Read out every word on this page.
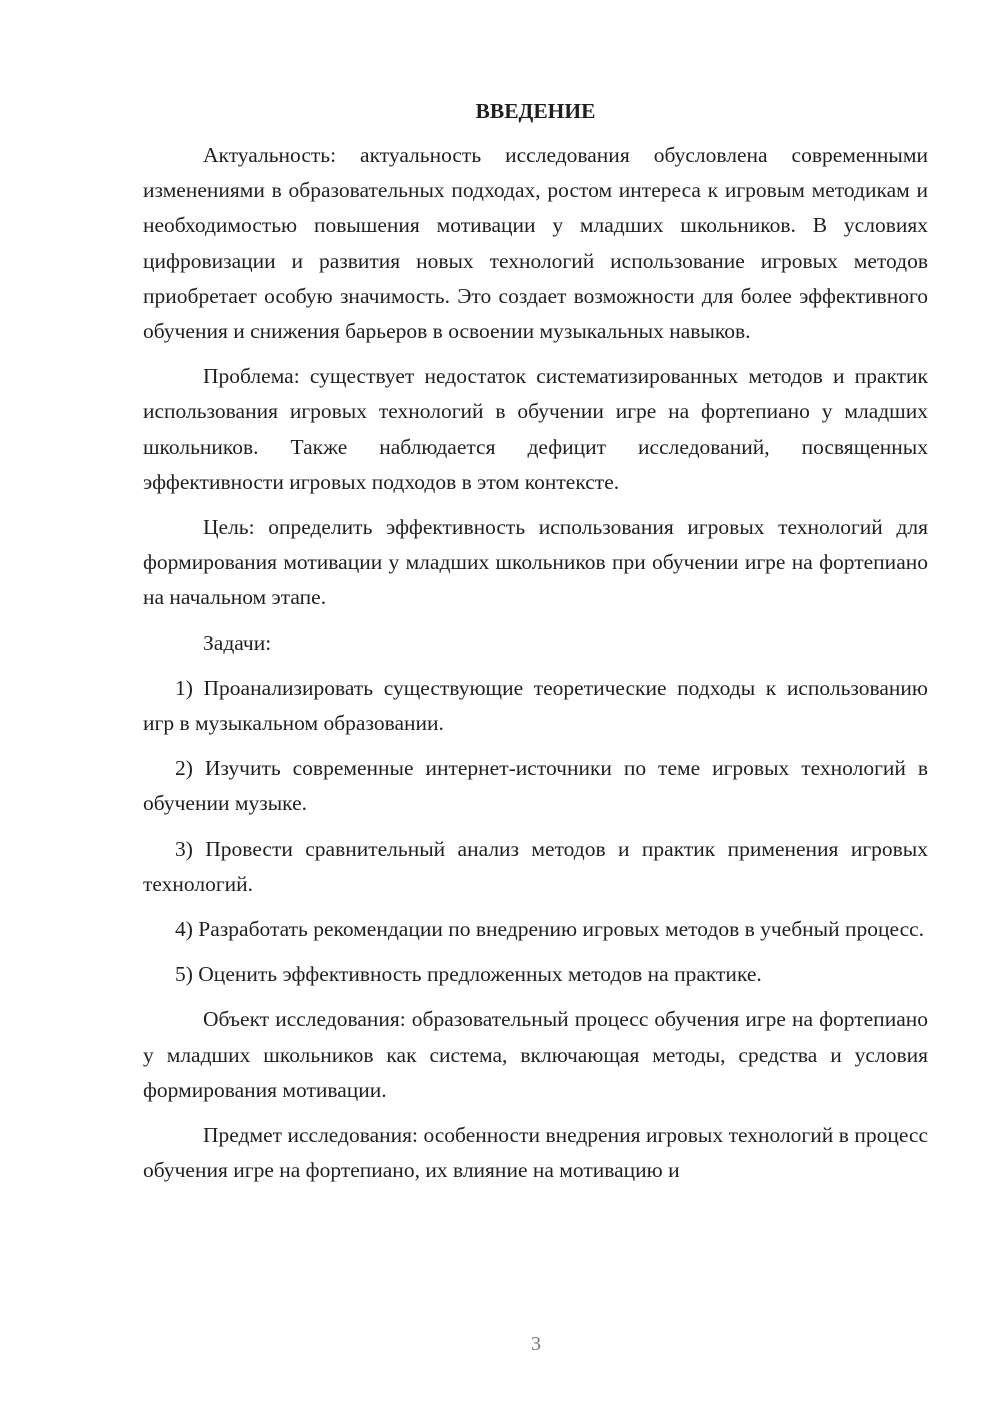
ВВЕДЕНИЕ

Актуальность: актуальность исследования обусловлена современными изменениями в образовательных подходах, ростом интереса к игровым методикам и необходимостью повышения мотивации у младших школьников. В условиях цифровизации и развития новых технологий использование игровых методов приобретает особую значимость. Это создает возможности для более эффективного обучения и снижения барьеров в освоении музыкальных навыков.

Проблема: существует недостаток систематизированных методов и практик использования игровых технологий в обучении игре на фортепиано у младших школьников. Также наблюдается дефицит исследований, посвященных эффективности игровых подходов в этом контексте.

Цель: определить эффективность использования игровых технологий для формирования мотивации у младших школьников при обучении игре на фортепиано на начальном этапе.

Задачи:

1) Проанализировать существующие теоретические подходы к использованию игр в музыкальном образовании.

2) Изучить современные интернет-источники по теме игровых технологий в обучении музыке.

3) Провести сравнительный анализ методов и практик применения игровых технологий.

4) Разработать рекомендации по внедрению игровых методов в учебный процесс.

5) Оценить эффективность предложенных методов на практике.

Объект исследования: образовательный процесс обучения игре на фортепиано у младших школьников как система, включающая методы, средства и условия формирования мотивации.

Предмет исследования: особенности внедрения игровых технологий в процесс обучения игре на фортепиано, их влияние на мотивацию и

3
